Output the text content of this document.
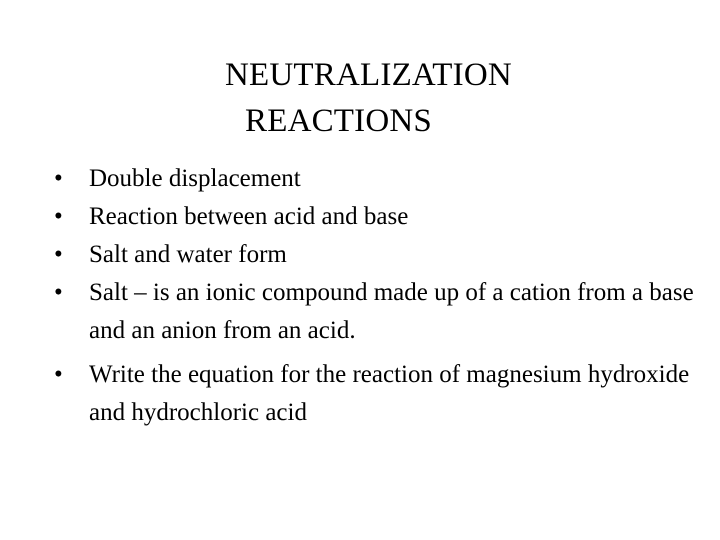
NEUTRALIZATION
REACTIONS
•	Double displacement
•	Reaction between acid and base
•	Salt and water form
•	Salt – is an ionic compound made up of a cation from a base and an anion from an acid.
•	Write the equation for the reaction of magnesium hydroxide and hydrochloric acid
